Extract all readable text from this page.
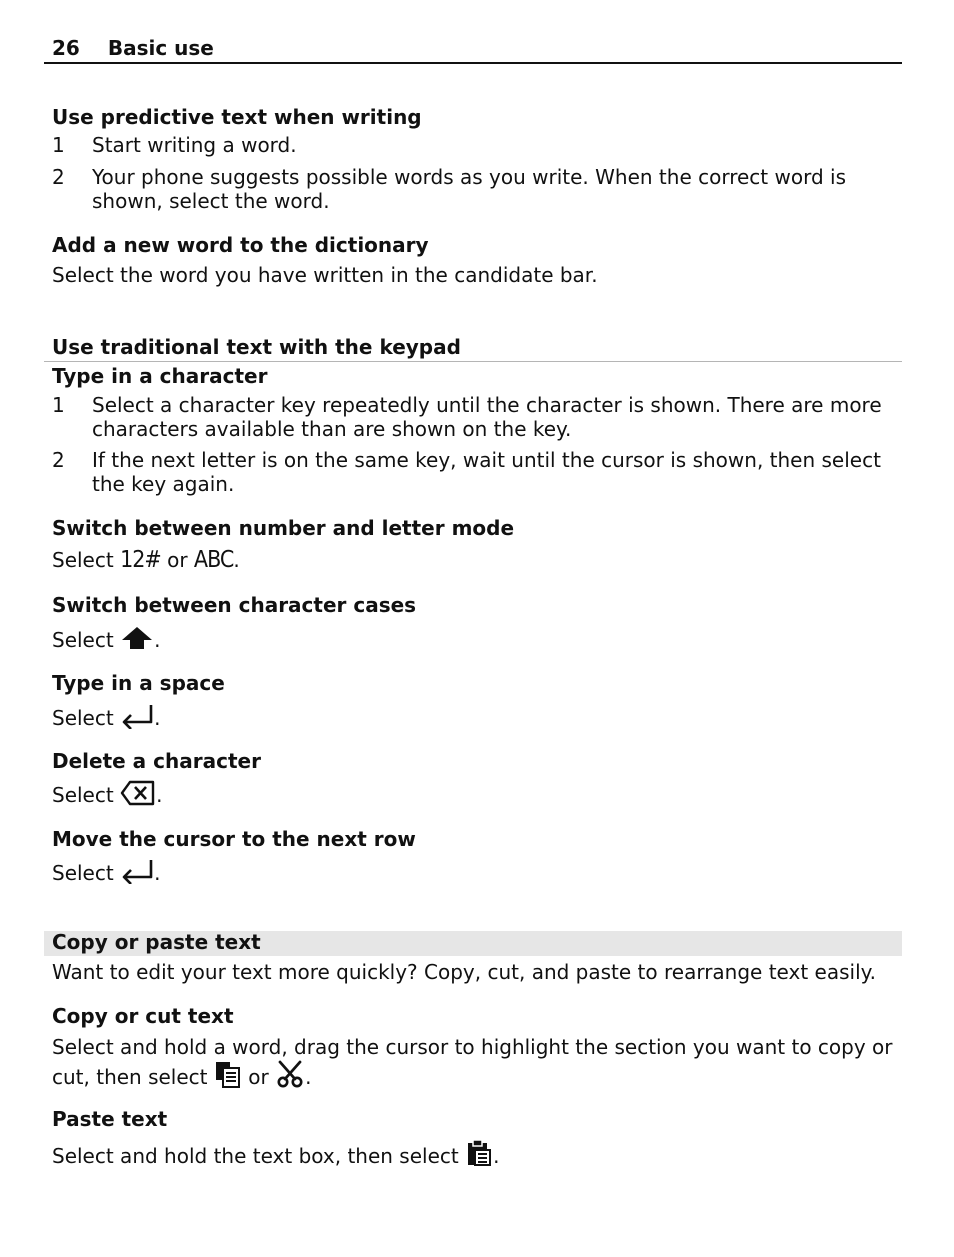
26 Basic use
Use predictive text when writing
1 Start writing a word.
2 Your phone suggests possible words as you write. When the correct word is
shown, select the word.
Add a new word to the dictionary
Select the word you have written in the candidate bar.
Use traditional text with the keypad
Type in a character
1 Select a character key repeatedly until the character is shown. There are more
characters available than are shown on the key.
2 If the next letter is on the same key, wait until the cursor is shown, then select
the key again.
Switch between number and letter mode
Select 12# or ABC.
Switch between character cases
Select .
Type in a space
Select .
Delete a character
Select .
Move the cursor to the next row
Select .
Copy or paste text
Want to edit your text more quickly? Copy, cut, and paste to rearrange text easily.
Copy or cut text
Select and hold a word, drag the cursor to highlight the section you want to copy or
cut, then select or .
Paste text
Select and hold the text box, then select .
